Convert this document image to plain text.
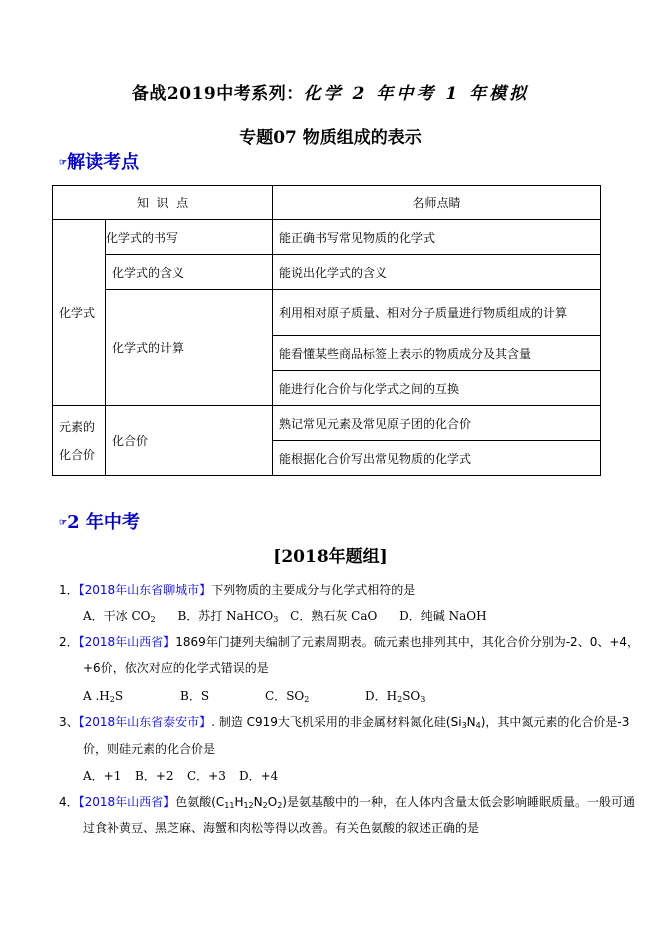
备战2019中考系列：化学 2 年中考 1 年模拟
专题07 物质组成的表示
☞解读考点
知  识  点		名师点睛
化学式	化学式的书写	能正确书写常见物质的化学式
	化学式的含义	能说出化学式的含义
	化学式的计算	利用相对原子质量、相对分子质量进行物质组成的计算
		能看懂某些商品标签上表示的物质成分及其含量
		能进行化合价与化学式之间的互换

元素的
化合价	化合价	熟记常见元素及常见原子团的化合价
		能根据化合价写出常见物质的化学式
☞2 年中考
[2018年题组]
1．【2018年山东省聊城市】下列物质的主要成分与化学式相符的是
A．干冰 $CO_2$ B．苏打 NaHCO$_3$ C．熟石灰 CaO D．纯碱 NaOH
2．【2018年山西省】1869年门捷列夫编制了元素周期表。硫元素也排列其中，其化合价分别为-2、0、+4，
+6价，依次对应的化学式错误的是
A $.H_2S$	B．S	C．$SO_2$	D．$H_2SO_3$
3、【2018年山东省泰安市】. 制造 C919大飞机采用的非金属材料氮化硅$(Si_3N_4)$，其中氮元素的化合价是-3
价，则硅元素的化合价是
A．+1 B．+2 C．+3 D．+4
4．【2018年山西省】色氨酸$(C_{11}H_{12}N_2O_2)$是氨基酸中的一种，在人体内含量太低会影响睡眠质量。一般可通
过食补黄豆、黑芝麻、海蟹和肉松等得以改善。有关色氨酸的叙述正确的是
